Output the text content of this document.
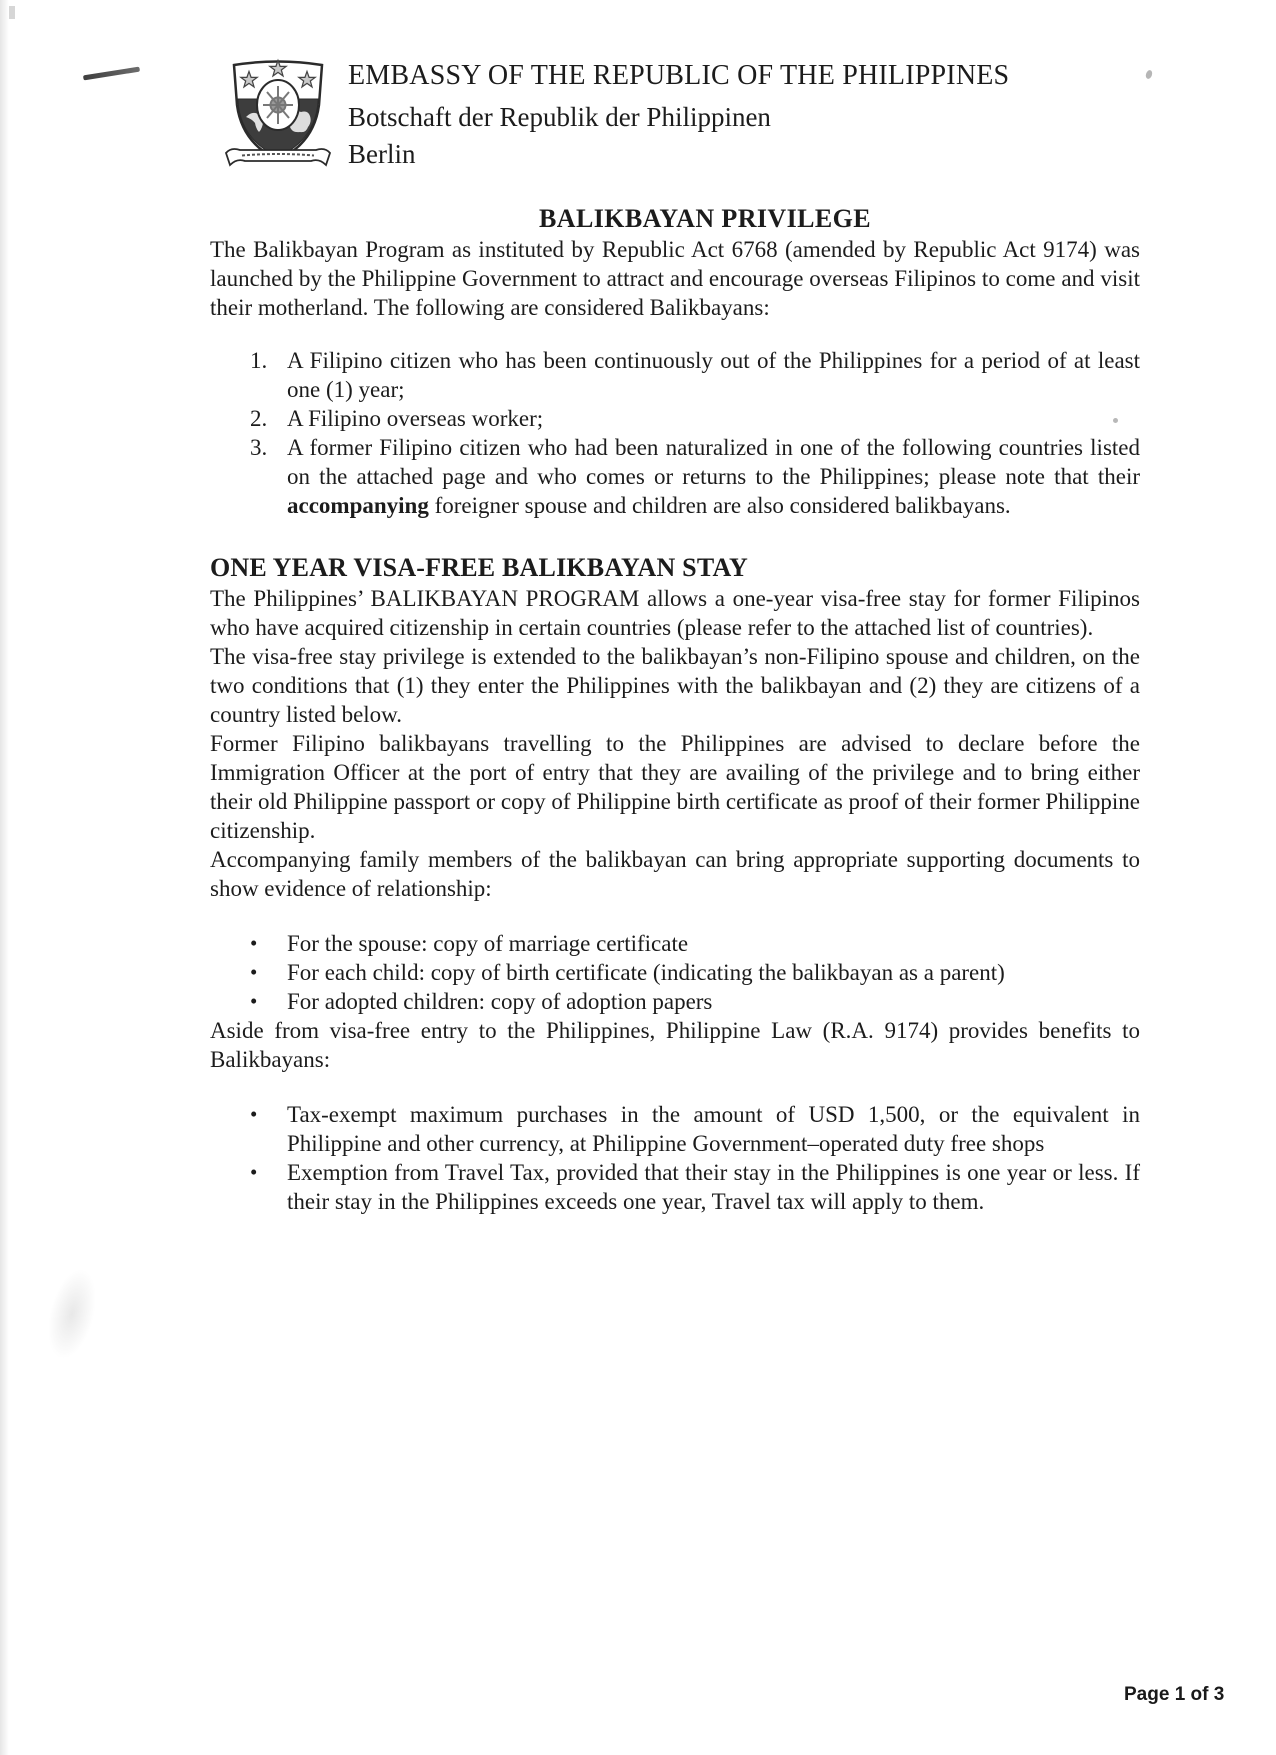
EMBASSY OF THE REPUBLIC OF THE PHILIPPINES
Botschaft der Republik der Philippinen
Berlin
BALIKBAYAN PRIVILEGE

The Balikbayan Program as instituted by Republic Act 6768 (amended by Republic Act 9174) was launched by the Philippine Government to attract and encourage overseas Filipinos to come and visit their motherland. The following are considered Balikbayans:

1. A Filipino citizen who has been continuously out of the Philippines for a period of at least one (1) year;
2. A Filipino overseas worker;
3. A former Filipino citizen who had been naturalized in one of the following countries listed on the attached page and who comes or returns to the Philippines; please note that their accompanying foreigner spouse and children are also considered balikbayans.
ONE YEAR VISA-FREE BALIKBAYAN STAY

The Philippines’ BALIKBAYAN PROGRAM allows a one-year visa-free stay for former Filipinos who have acquired citizenship in certain countries (please refer to the attached list of countries).

The visa-free stay privilege is extended to the balikbayan’s non-Filipino spouse and children, on the two conditions that (1) they enter the Philippines with the balikbayan and (2) they are citizens of a country listed below.

Former Filipino balikbayans travelling to the Philippines are advised to declare before the Immigration Officer at the port of entry that they are availing of the privilege and to bring either their old Philippine passport or copy of Philippine birth certificate as proof of their former Philippine citizenship.

Accompanying family members of the balikbayan can bring appropriate supporting documents to show evidence of relationship:

• For the spouse: copy of marriage certificate
• For each child: copy of birth certificate (indicating the balikbayan as a parent)
• For adopted children: copy of adoption papers

Aside from visa-free entry to the Philippines, Philippine Law (R.A. 9174) provides benefits to Balikbayans:

• Tax-exempt maximum purchases in the amount of USD 1,500, or the equivalent in Philippine and other currency, at Philippine Government–operated duty free shops
• Exemption from Travel Tax, provided that their stay in the Philippines is one year or less. If their stay in the Philippines exceeds one year, Travel tax will apply to them.
Page 1 of 3
